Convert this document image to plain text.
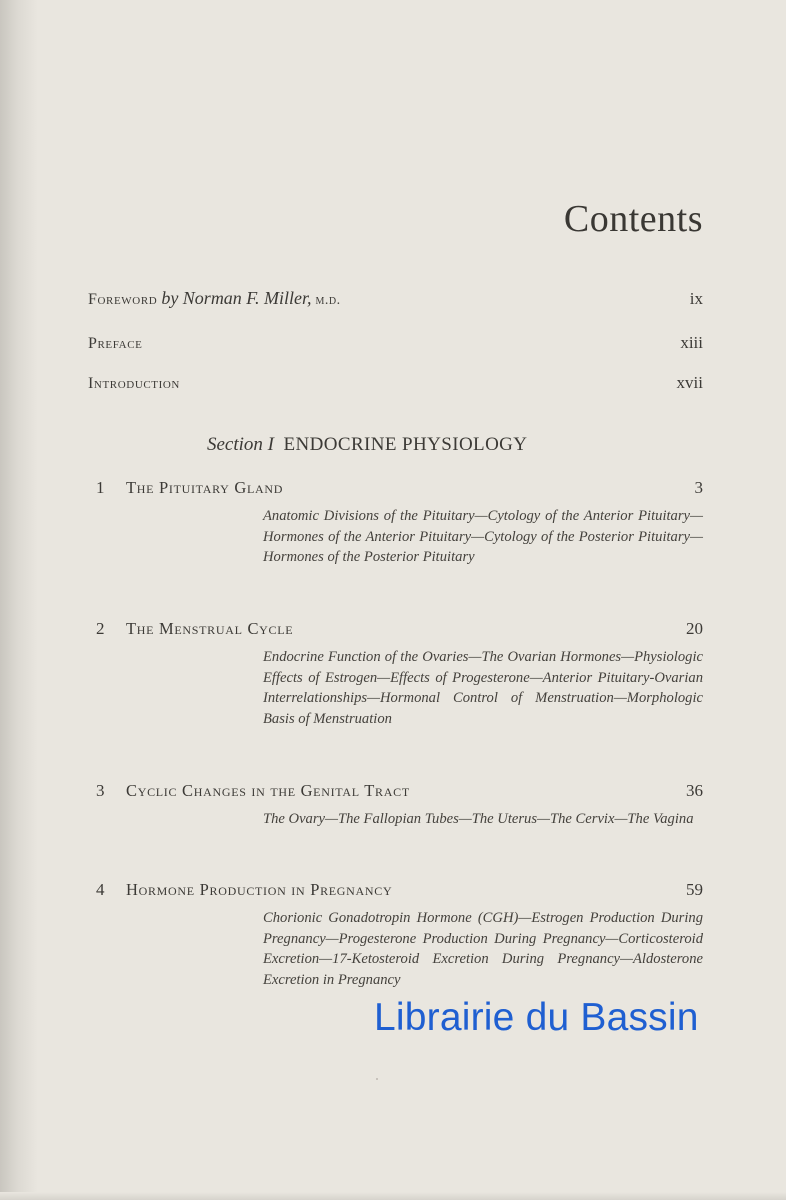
Contents
Foreword by Norman F. Miller, m.d.	ix
Preface	xiii
Introduction	xvii
Section I ENDOCRINE PHYSIOLOGY
1	The Pituitary Gland	3
Anatomic Divisions of the Pituitary—Cytology of the Anterior Pituitary—Hormones of the Anterior Pituitary—Cytology of the Posterior Pituitary—Hormones of the Posterior Pituitary
2	The Menstrual Cycle	20
Endocrine Function of the Ovaries—The Ovarian Hormones—Physiologic Effects of Estrogen—Effects of Progesterone—Anterior Pituitary-Ovarian Interrelationships—Hormonal Control of Menstruation—Morphologic Basis of Menstruation
3	Cyclic Changes in the Genital Tract	36
The Ovary—The Fallopian Tubes—The Uterus—The Cervix—The Vagina
4	Hormone Production in Pregnancy	59
Chorionic Gonadotropin Hormone (CGH)—Estrogen Production During Pregnancy—Progesterone Production During Pregnancy—Corticosteroid Excretion—17-Ketosteroid Excretion During Pregnancy—Aldosterone Excretion in Pregnancy
Librairie du Bassin
